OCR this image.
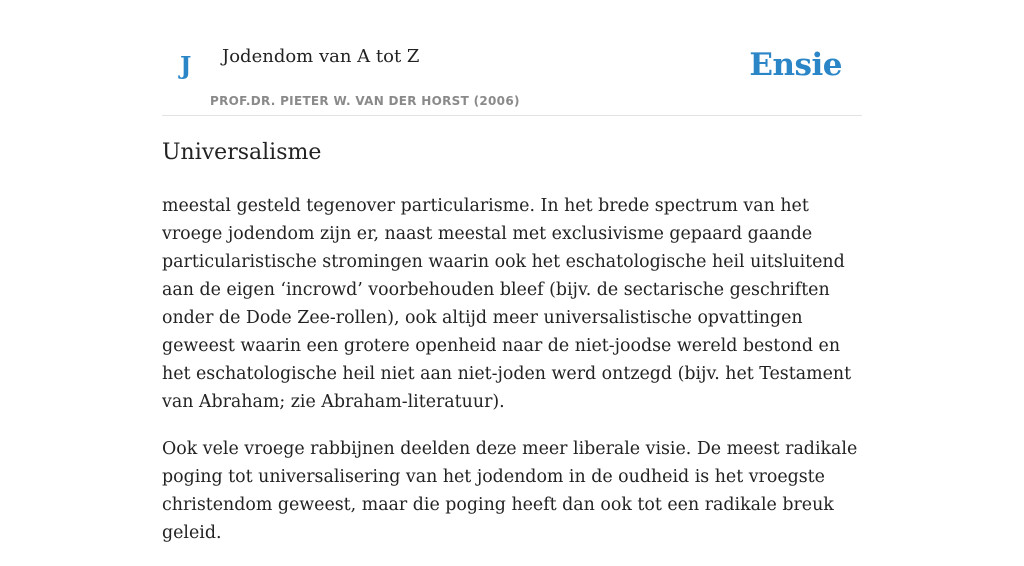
J Jodendom van A tot Z
PROF.DR. PIETER W. VAN DER HORST (2006)
Ensie
Universalisme

meestal gesteld tegenover particularisme. In het brede spectrum van het vroege jodendom zijn er, naast meestal met exclusivisme gepaard gaande particularistische stromingen waarin ook het eschatologische heil uitsluitend aan de eigen ‘incrowd’ voorbehouden bleef (bijv. de sectarische geschriften onder de Dode Zee-rollen), ook altijd meer universalistische opvattingen geweest waarin een grotere openheid naar de niet-joodse wereld bestond en het eschatologische heil niet aan niet-joden werd ontzegd (bijv. het Testament van Abraham; zie Abraham-literatuur).

Ook vele vroege rabbijnen deelden deze meer liberale visie. De meest radikale poging tot universalisering van het jodendom in de oudheid is het vroegste christendom geweest, maar die poging heeft dan ook tot een radikale breuk geleid.
